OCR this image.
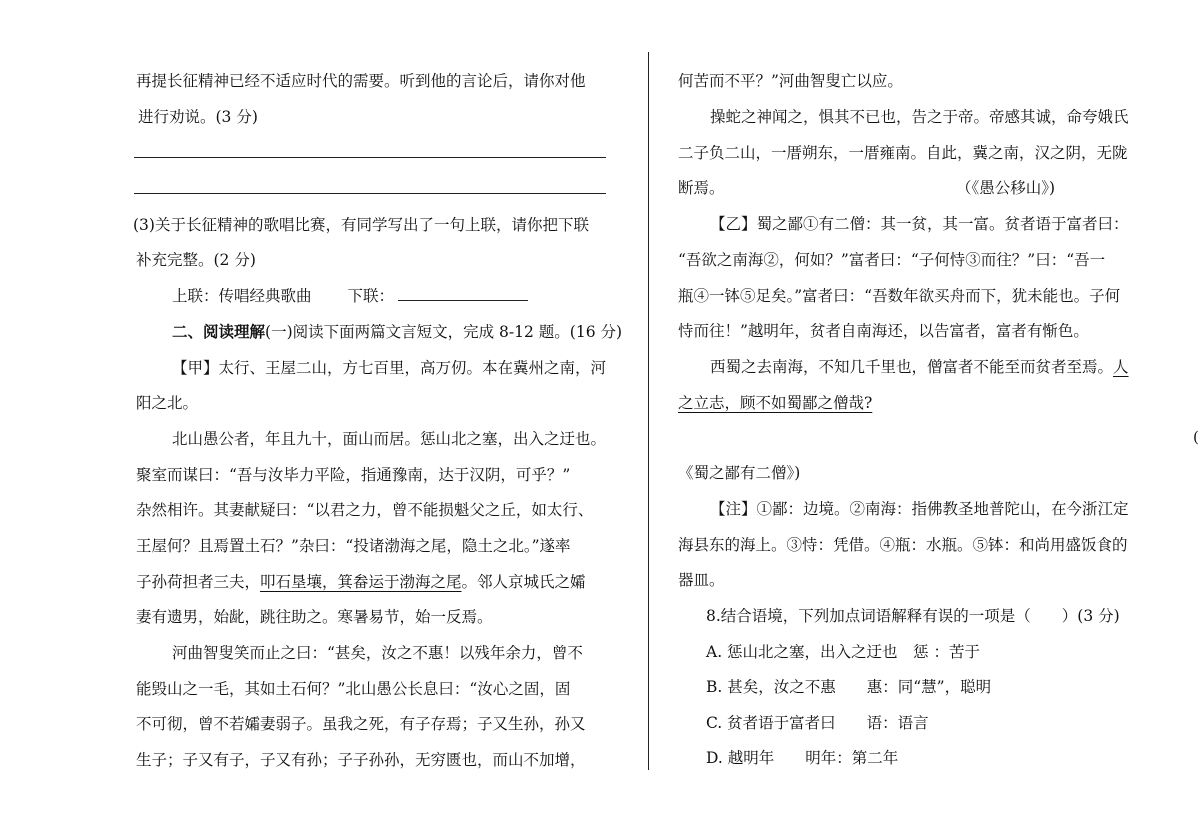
再提长征精神已经不适应时代的需要。听到他的言论后，请你对他
进行劝说。(3 分)
(3)关于长征精神的歌唱比赛，有同学写出了一句上联，请你把下联
补充完整。(2 分)
上联：传唱经典歌曲 下联：
二、阅读理解(一)阅读下面两篇文言短文，完成 8-12 题。(16 分)
【甲】太行、王屋二山，方七百里，高万仞。本在冀州之南，河
阳之北。
北山愚公者，年且九十，面山而居。惩山北之塞，出入之迂也。
聚室而谋曰：“吾与汝毕力平险，指通豫南，达于汉阴，可乎？”
杂然相许。其妻献疑曰：“以君之力，曾不能损魁父之丘，如太行、
王屋何？且焉置土石？”杂曰：“投诸渤海之尾，隐土之北。”遂率
子孙荷担者三夫，叩石垦壤，箕畚运于渤海之尾。邻人京城氏之孀
妻有遗男，始龀，跳往助之。寒暑易节，始一反焉。
河曲智叟笑而止之曰：“甚矣，汝之不惠！以残年余力，曾不
能毁山之一毛，其如土石何？”北山愚公长息曰：“汝心之固，固
不可彻，曾不若孀妻弱子。虽我之死，有子存焉；子又生孙，孙又
生子；子又有子，子又有孙；子子孙孙，无穷匮也，而山不加增，
何苦而不平？”河曲智叟亡以应。
操蛇之神闻之，惧其不已也，告之于帝。帝感其诚，命夸娥氏
二子负二山，一厝朔东，一厝雍南。自此，冀之南，汉之阴，无陇
断焉。	（《愚公移山》)
【乙】蜀之鄙①有二僧：其一贫，其一富。贫者语于富者曰：
“吾欲之南海②，何如？”富者曰：“子何恃③而往？”曰：“吾一
瓶④一钵⑤足矣。”富者曰：“吾数年欲买舟而下，犹未能也。子何
恃而往！”越明年，贫者自南海还，以告富者，富者有惭色。
西蜀之去南海，不知几千里也，僧富者不能至而贫者至焉。人
之立志，顾不如蜀鄙之僧哉?
《蜀之鄙有二僧》)
【注】①鄙：边境。②南海：指佛教圣地普陀山，在今浙江定
海县东的海上。③恃：凭借。④瓶：水瓶。⑤钵：和尚用盛饭食的
器皿。
8.结合语境，下列加点词语解释有误的一项是（　　）(3 分)
A. 惩山北之塞，出入之迂也　惩 ：苦于
B. 甚矣，汝之不惠　　惠：同“慧”，聪明
C. 贫者语于富者曰　　语：语言
D. 越明年　　明年：第二年
(
